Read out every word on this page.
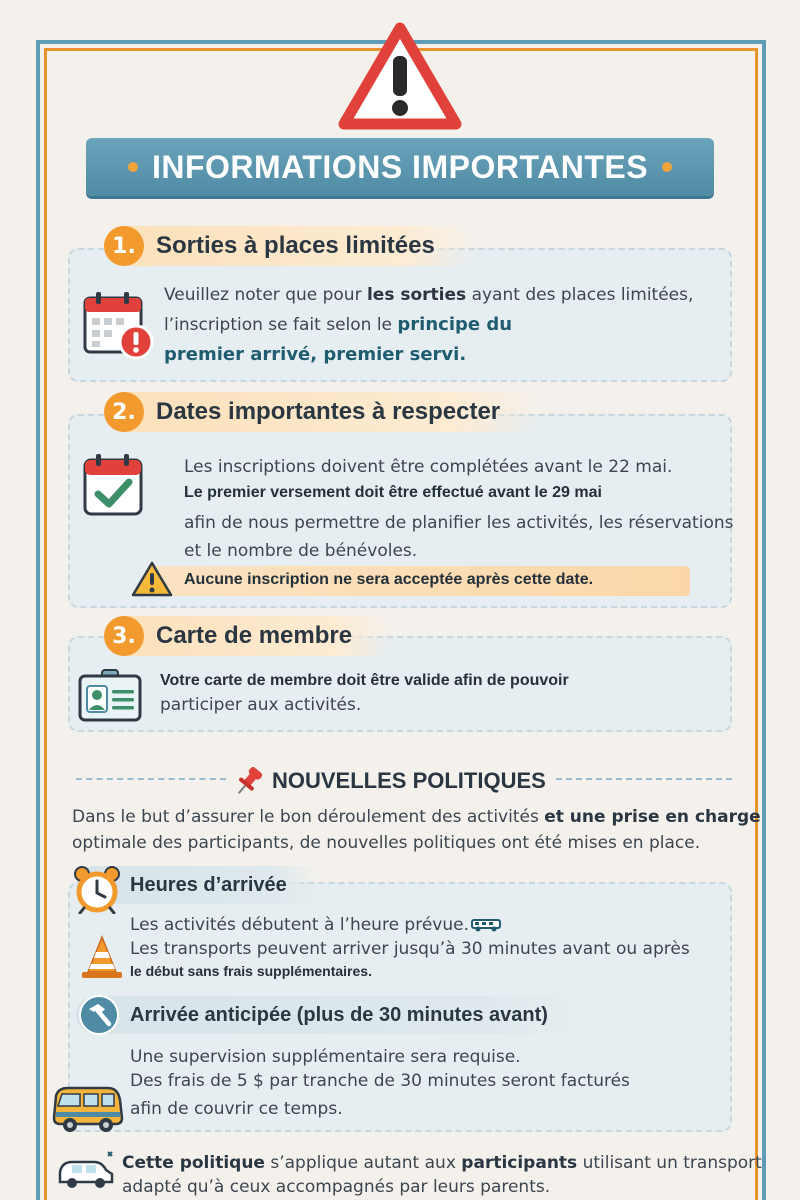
INFORMATIONS IMPORTANTES
1. Sorties à places limitées
Veuillez noter que pour les sorties ayant des places limitées,
l’inscription se fait selon le principe du
premier arrivé, premier servi.
2. Dates importantes à respecter
Les inscriptions doivent être complétées avant le 22 mai.
Le premier versement doit être effectué avant le 29 mai
afin de nous permettre de planifier les activités, les réservations
et le nombre de bénévoles.
Aucune inscription ne sera acceptée après cette date.
3. Carte de membre
Votre carte de membre doit être valide afin de pouvoir
participer aux activités.
NOUVELLES POLITIQUES
Dans le but d’assurer le bon déroulement des activités et une prise en charge
optimale des participants, de nouvelles politiques ont été mises en place.
Heures d’arrivée
Les activités débutent à l’heure prévue.
Les transports peuvent arriver jusqu’à 30 minutes avant ou après
le début sans frais supplémentaires.
Arrivée anticipée (plus de 30 minutes avant)
Une supervision supplémentaire sera requise.
Des frais de 5 $ par tranche de 30 minutes seront facturés
afin de couvrir ce temps.
Cette politique s’applique autant aux participants utilisant un transport
adapté qu’à ceux accompagnés par leurs parents.
